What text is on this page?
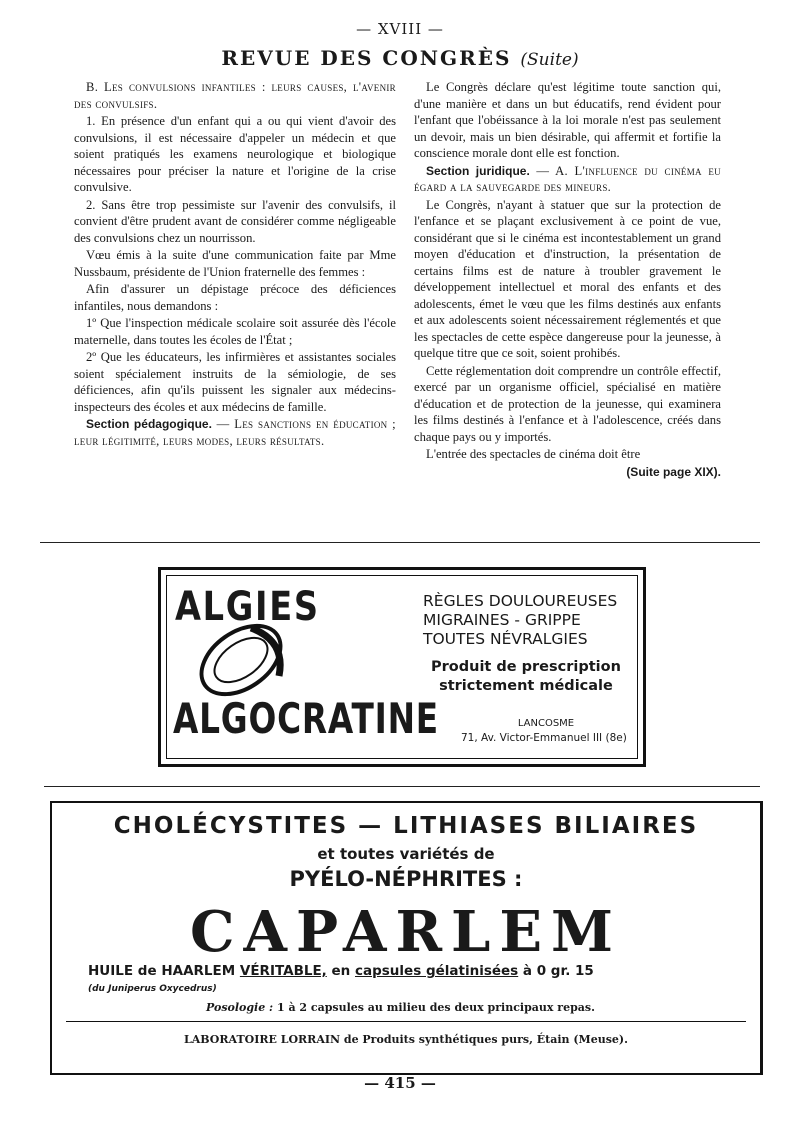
— XVIII —
REVUE DES CONGRÈS (Suite)

B. Les convulsions infantiles : leurs causes, l'avenir des convulsifs.

1. En présence d'un enfant qui a ou qui vient d'avoir des convulsions, il est nécessaire d'appeler un médecin et que soient pratiqués les examens neurologique et biologique nécessaires pour préciser la nature et l'origine de la crise convulsive.

2. Sans être trop pessimiste sur l'avenir des convulsifs, il convient d'être prudent avant de considérer comme négligeable des convulsions chez un nourrisson.

Vœu émis à la suite d'une communication faite par Mme Nussbaum, présidente de l'Union fraternelle des femmes :

Afin d'assurer un dépistage précoce des déficiences infantiles, nous demandons :

1º Que l'inspection médicale scolaire soit assurée dès l'école maternelle, dans toutes les écoles de l'État ;

2º Que les éducateurs, les infirmières et assistantes sociales soient spécialement instruits de la sémiologie, de ses déficiences, afin qu'ils puissent les signaler aux médecins-inspecteurs des écoles et aux médecins de famille.

Section pédagogique. — Les sanctions en éducation ; leur légitimité, leurs modes, leurs résultats.

Le Congrès déclare qu'est légitime toute sanction qui, d'une manière et dans un but éducatifs, rend évident pour l'enfant que l'obéissance à la loi morale n'est pas seulement un devoir, mais un bien désirable, qui affermit et fortifie la conscience morale dont elle est fonction.

Section juridique. — A. L'influence du cinéma eu égard a la sauvegarde des mineurs.

Le Congrès, n'ayant à statuer que sur la protection de l'enfance et se plaçant exclusivement à ce point de vue, considérant que si le cinéma est incontestablement un grand moyen d'éducation et d'instruction, la présentation de certains films est de nature à troubler gravement le développement intellectuel et moral des enfants et des adolescents, émet le vœu que les films destinés aux enfants et aux adolescents soient nécessairement réglementés et que les spectacles de cette espèce dangereuse pour la jeunesse, à quelque titre que ce soit, soient prohibés.

Cette réglementation doit comprendre un contrôle effectif, exercé par un organisme officiel, spécialisé en matière d'éducation et de protection de la jeunesse, qui examinera les films destinés à l'enfance et à l'adolescence, créés dans chaque pays ou y importés.

L'entrée des spectacles de cinéma doit être

(Suite page XIX).
ALGIES
ALGOCRATINE
RÈGLES DOULOUREUSES
MIGRAINES - GRIPPE
TOUTES NÉVRALGIES
Produit de prescription
strictement médicale
LANCOSME
71, Av. Victor-Emmanuel III (8e)
CHOLÉCYSTITES — LITHIASES BILIAIRES
et toutes variétés de
PYÉLO-NÉPHRITES :
CAPARLEM
HUILE de HAARLEM VÉRITABLE, en capsules gélatinisées à 0 gr. 15
(du Juniperus Oxycedrus)
Posologie : 1 à 2 capsules au milieu des deux principaux repas.
LABORATOIRE LORRAIN de Produits synthétiques purs, Étain (Meuse).
— 415 —
